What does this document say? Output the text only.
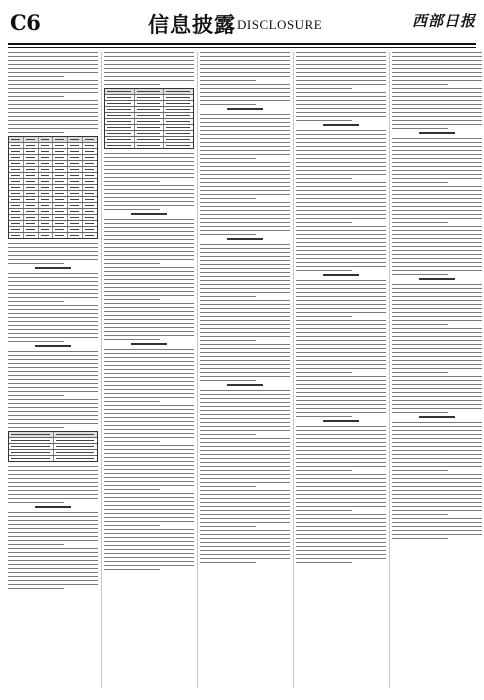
C6	信息披露 DISCLOSURE	西部日报
